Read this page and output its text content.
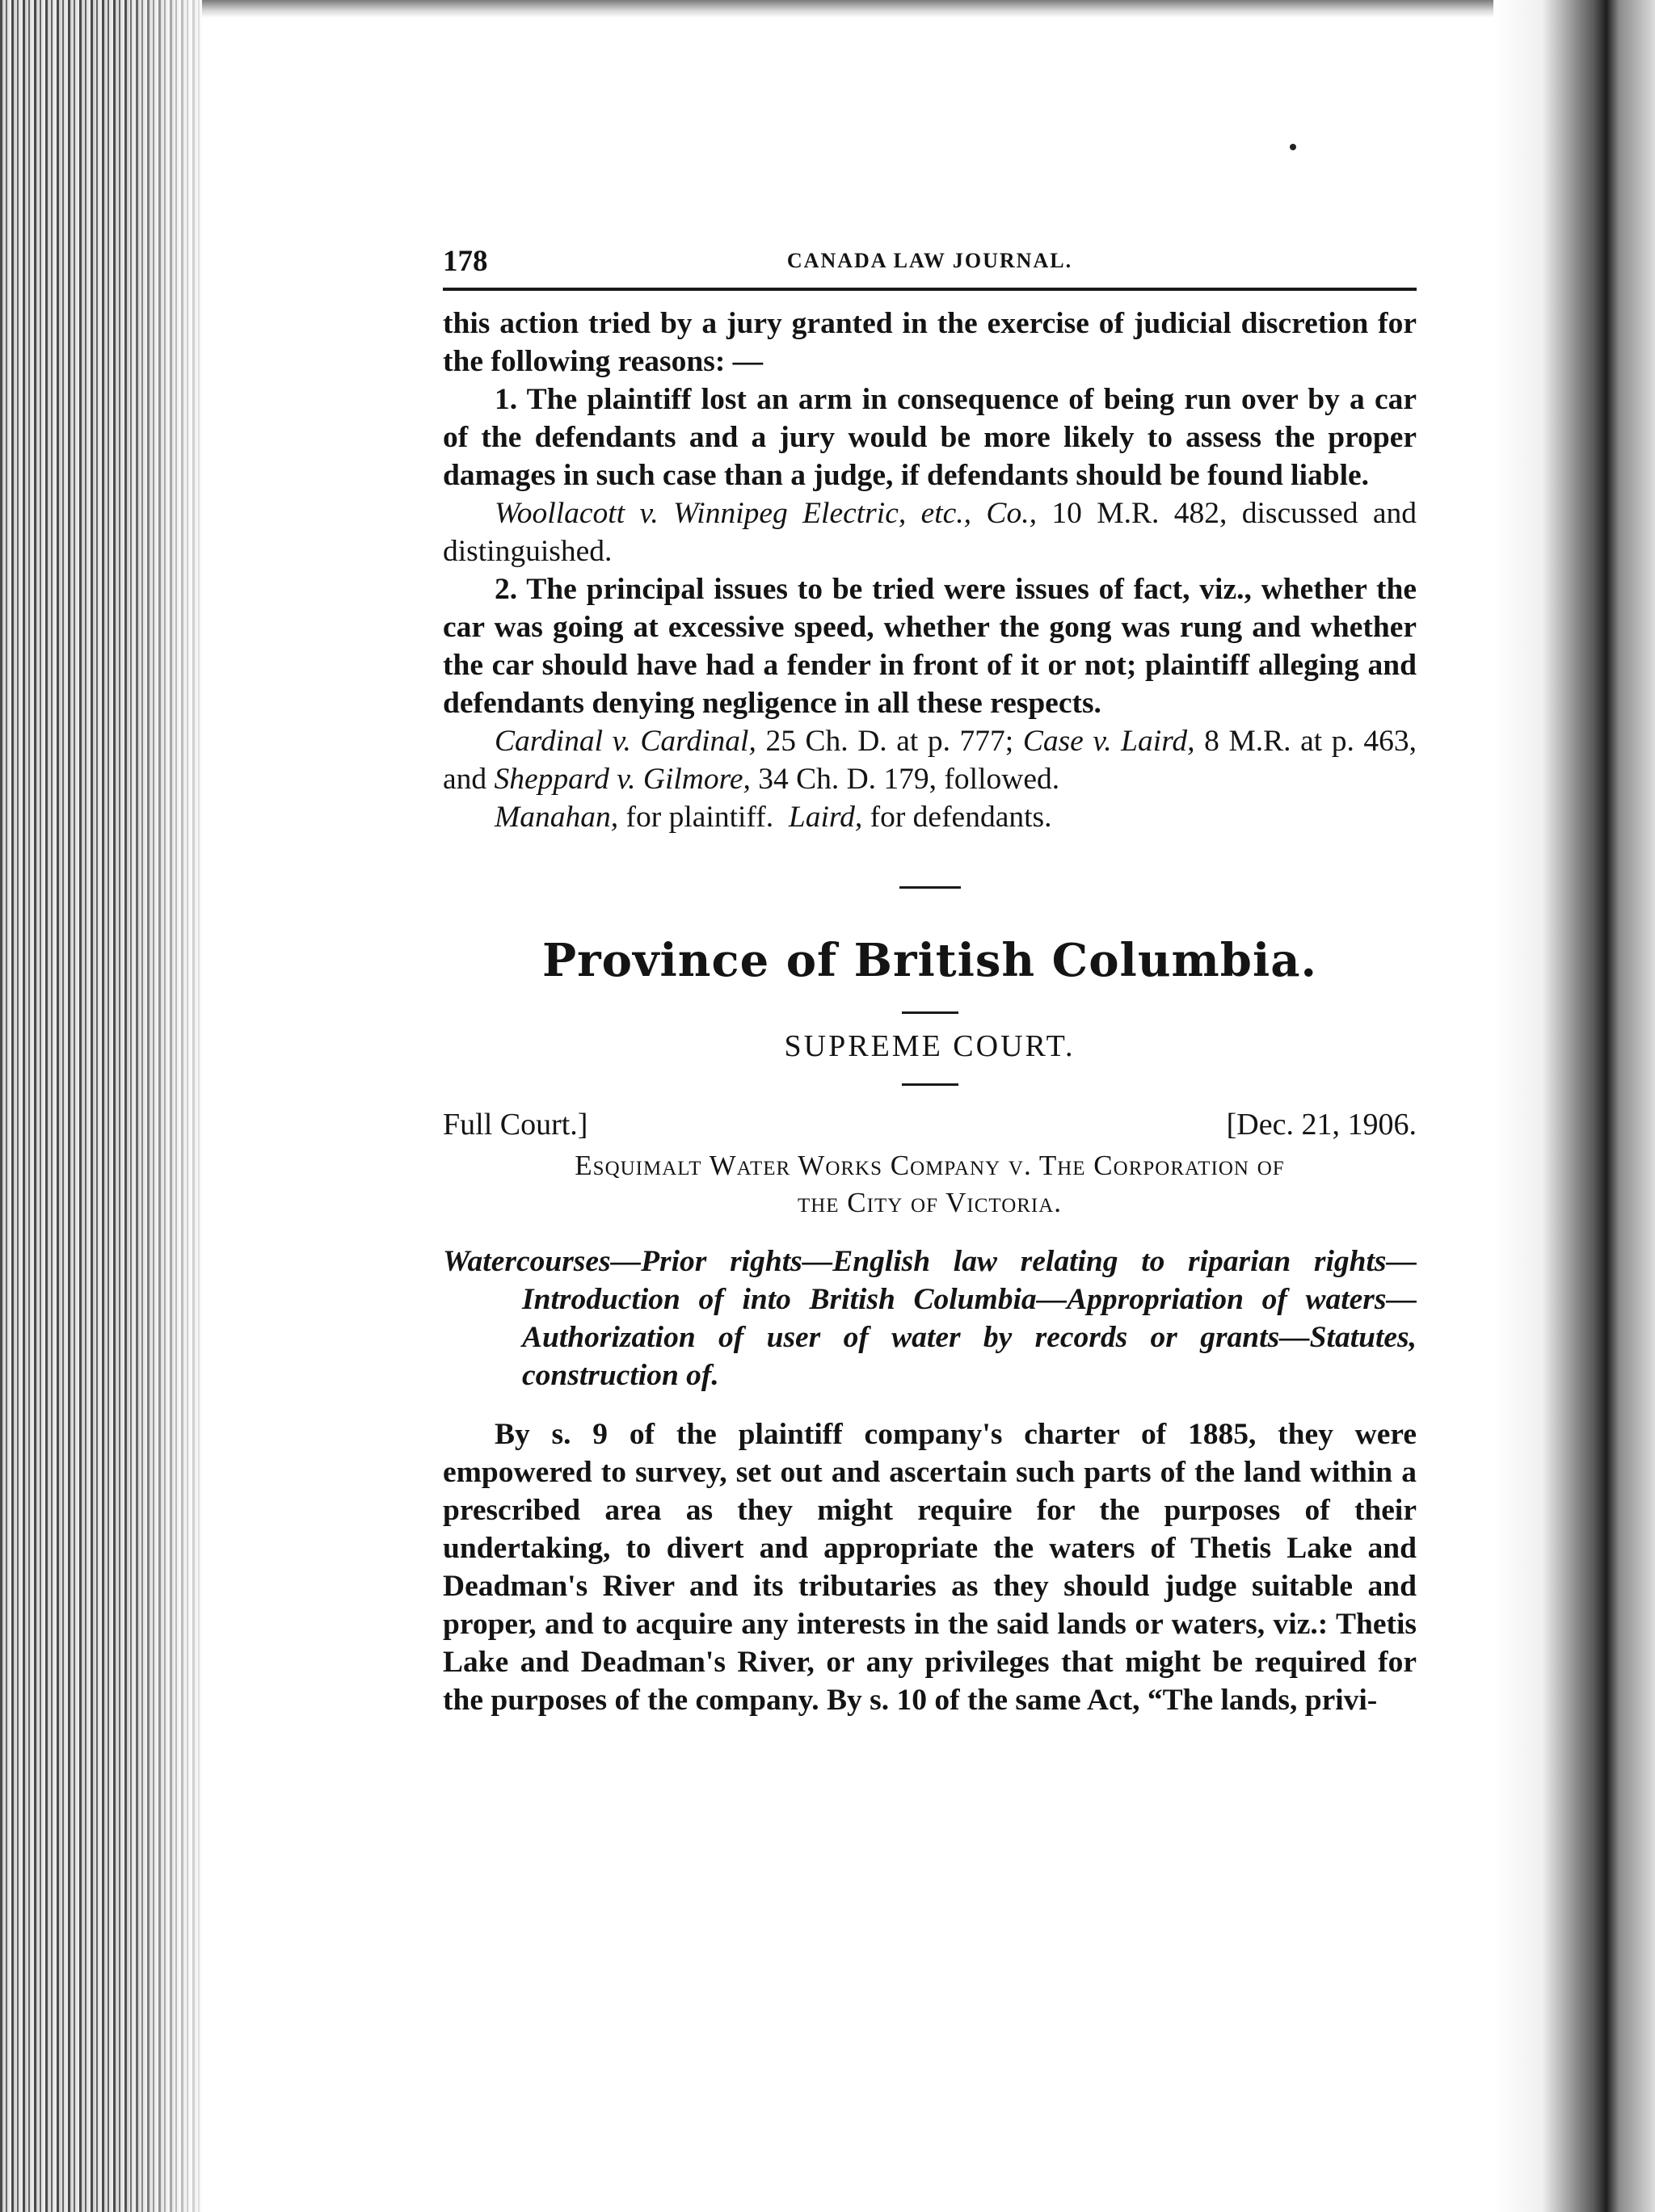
178	CANADA LAW JOURNAL.

this action tried by a jury granted in the exercise of judicial discretion for the following reasons: —

1. The plaintiff lost an arm in consequence of being run over by a car of the defendants and a jury would be more likely to assess the proper damages in such case than a judge, if defendants should be found liable.

Woollacott v. Winnipeg Electric, etc., Co., 10 M.R. 482, discussed and distinguished.

2. The principal issues to be tried were issues of fact, viz., whether the car was going at excessive speed, whether the gong was rung and whether the car should have had a fender in front of it or not; plaintiff alleging and defendants denying negligence in all these respects.

Cardinal v. Cardinal, 25 Ch. D. at p. 777; Case v. Laird, 8 M.R. at p. 463, and Sheppard v. Gilmore, 34 Ch. D. 179, followed.

Manahan, for plaintiff. Laird, for defendants.

Province of British Columbia.

SUPREME COURT.

Full Court.]	[Dec. 21, 1906.

Esquimalt Water Works Company v. The Corporation of

the City of Victoria.

Watercourses—Prior rights—English law relating to riparian rights—Introduction of into British Columbia—Appropriation of waters—Authorization of user of water by records or grants—Statutes, construction of.

By s. 9 of the plaintiff company's charter of 1885, they were empowered to survey, set out and ascertain such parts of the land within a prescribed area as they might require for the purposes of their undertaking, to divert and appropriate the waters of Thetis Lake and Deadman's River and its tributaries as they should judge suitable and proper, and to acquire any interests in the said lands or waters, viz.: Thetis Lake and Deadman's River, or any privileges that might be required for the purposes of the company. By s. 10 of the same Act, “The lands, privi-
